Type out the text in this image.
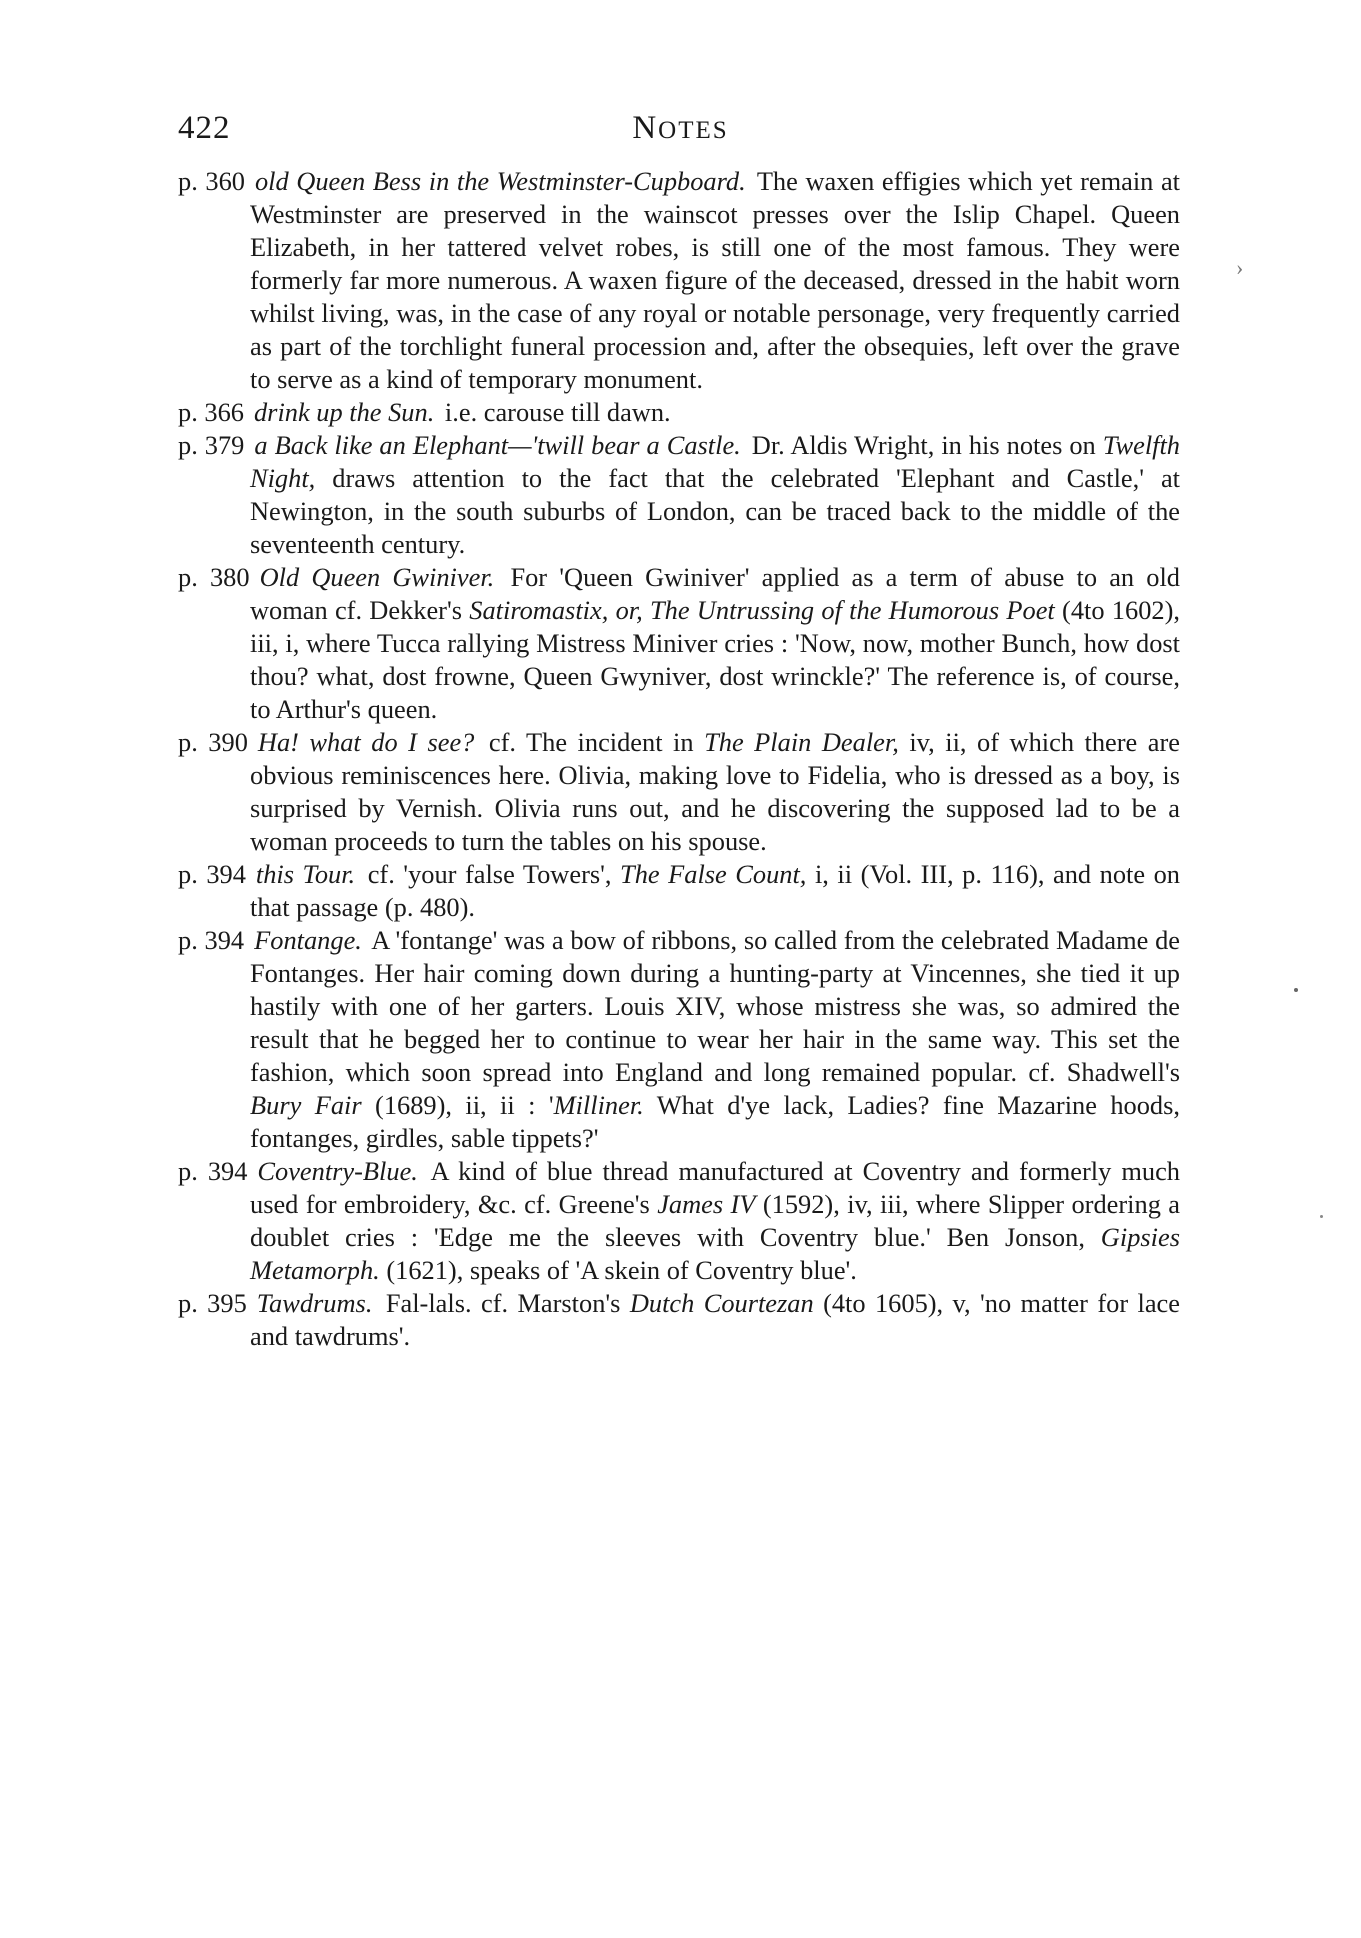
422	NOTES

p. 360 old Queen Bess in the Westminster-Cupboard. The waxen effigies which yet remain at Westminster are preserved in the wainscot presses over the Islip Chapel. Queen Elizabeth, in her tattered velvet robes, is still one of the most famous. They were formerly far more numerous. A waxen figure of the deceased, dressed in the habit worn whilst living, was, in the case of any royal or notable personage, very frequently carried as part of the torchlight funeral procession and, after the obsequies, left over the grave to serve as a kind of temporary monument.

p. 366 drink up the Sun. i.e. carouse till dawn.

p. 379 a Back like an Elephant—'twill bear a Castle. Dr. Aldis Wright, in his notes on Twelfth Night, draws attention to the fact that the celebrated 'Elephant and Castle,' at Newington, in the south suburbs of London, can be traced back to the middle of the seventeenth century.

p. 380 Old Queen Gwiniver. For 'Queen Gwiniver' applied as a term of abuse to an old woman cf. Dekker's Satiromastix, or, The Untrussing of the Humorous Poet (4to 1602), iii, i, where Tucca rallying Mistress Miniver cries : 'Now, now, mother Bunch, how dost thou? what, dost frowne, Queen Gwyniver, dost wrinckle?' The reference is, of course, to Arthur's queen.

p. 390 Ha! what do I see? cf. The incident in The Plain Dealer, iv, ii, of which there are obvious reminiscences here. Olivia, making love to Fidelia, who is dressed as a boy, is surprised by Vernish. Olivia runs out, and he discovering the supposed lad to be a woman proceeds to turn the tables on his spouse.

p. 394 this Tour. cf. 'your false Towers', The False Count, i, ii (Vol. III, p. 116), and note on that passage (p. 480).

p. 394 Fontange. A 'fontange' was a bow of ribbons, so called from the celebrated Madame de Fontanges. Her hair coming down during a hunting-party at Vincennes, she tied it up hastily with one of her garters. Louis XIV, whose mistress she was, so admired the result that he begged her to continue to wear her hair in the same way. This set the fashion, which soon spread into England and long remained popular. cf. Shadwell's Bury Fair (1689), ii, ii : 'Milliner. What d'ye lack, Ladies? fine Mazarine hoods, fontanges, girdles, sable tippets?'

p. 394 Coventry-Blue. A kind of blue thread manufactured at Coventry and formerly much used for embroidery, &c. cf. Greene's James IV (1592), iv, iii, where Slipper ordering a doublet cries : 'Edge me the sleeves with Coventry blue.' Ben Jonson, Gipsies Metamorph. (1621), speaks of 'A skein of Coventry blue'.

p. 395 Tawdrums. Fal-lals. cf. Marston's Dutch Courtezan (4to 1605), v, 'no matter for lace and tawdrums'.

›
